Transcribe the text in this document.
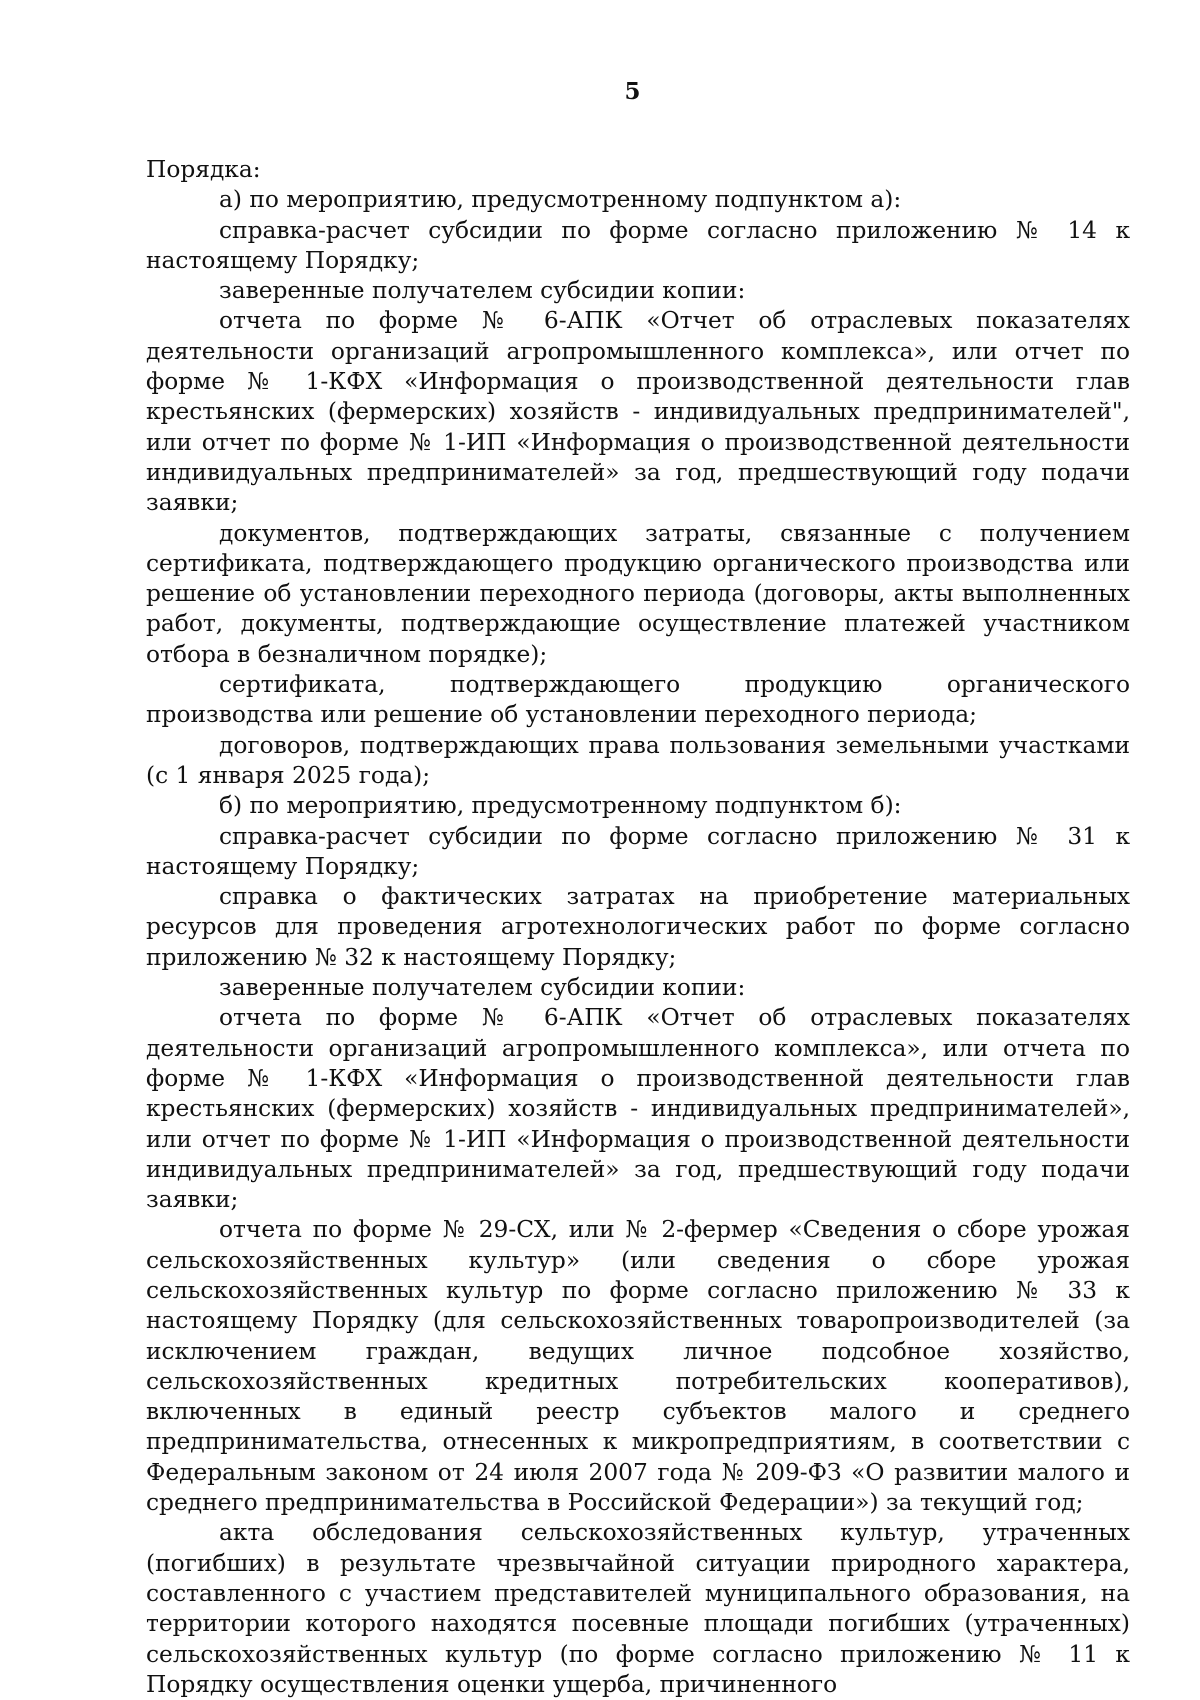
5

Порядка:

а) по мероприятию, предусмотренному подпунктом а):

справка-расчет субсидии по форме согласно приложению № 14 к настоящему Порядку;

заверенные получателем субсидии копии:

отчета по форме № 6-АПК «Отчет об отраслевых показателях деятельности организаций агропромышленного комплекса», или отчет по форме № 1-КФХ «Информация о производственной деятельности глав крестьянских (фермерских) хозяйств - индивидуальных предпринимателей", или отчет по форме № 1-ИП «Информация о производственной деятельности индивидуальных предпринимателей» за год, предшествующий году подачи заявки;

документов, подтверждающих затраты, связанные с получением сертификата, подтверждающего продукцию органического производства или решение об установлении переходного периода (договоры, акты выполненных работ, документы, подтверждающие осуществление платежей участником отбора в безналичном порядке);

сертификата, подтверждающего продукцию органического производства или решение об установлении переходного периода;

договоров, подтверждающих права пользования земельными участками (с 1 января 2025 года);

б) по мероприятию, предусмотренному подпунктом б):

справка-расчет субсидии по форме согласно приложению № 31 к настоящему Порядку;

справка о фактических затратах на приобретение материальных ресурсов для проведения агротехнологических работ по форме согласно приложению № 32 к настоящему Порядку;

заверенные получателем субсидии копии:

отчета по форме № 6-АПК «Отчет об отраслевых показателях деятельности организаций агропромышленного комплекса», или отчета по форме № 1-КФХ «Информация о производственной деятельности глав крестьянских (фермерских) хозяйств - индивидуальных предпринимателей», или отчет по форме № 1-ИП «Информация о производственной деятельности индивидуальных предпринимателей» за год, предшествующий году подачи заявки;

отчета по форме № 29-СХ, или № 2-фермер «Сведения о сборе урожая сельскохозяйственных культур» (или сведения о сборе урожая сельскохозяйственных культур по форме согласно приложению № 33 к настоящему Порядку (для сельскохозяйственных товаропроизводителей (за исключением граждан, ведущих личное подсобное хозяйство, сельскохозяйственных кредитных потребительских кооперативов), включенных в единый реестр субъектов малого и среднего предпринимательства, отнесенных к микропредприятиям, в соответствии с Федеральным законом от 24 июля 2007 года № 209-ФЗ «О развитии малого и среднего предпринимательства в Российской Федерации») за текущий год;

акта обследования сельскохозяйственных культур, утраченных (погибших) в результате чрезвычайной ситуации природного характера, составленного с участием представителей муниципального образования, на территории которого находятся посевные площади погибших (утраченных) сельскохозяйственных культур (по форме согласно приложению № 11 к Порядку осуществления оценки ущерба, причиненного
